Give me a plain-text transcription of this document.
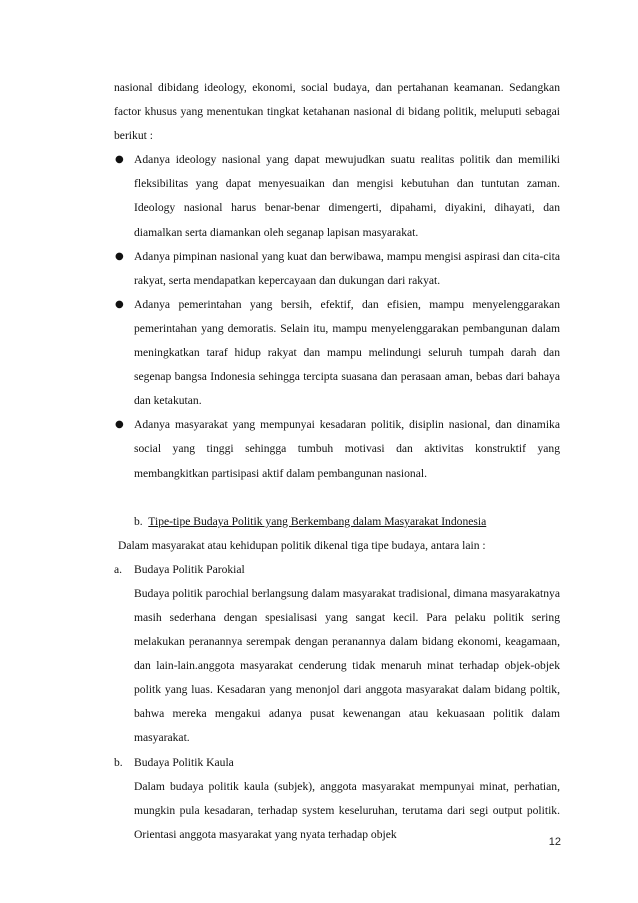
nasional dibidang ideology, ekonomi, social budaya, dan pertahanan keamanan. Sedangkan factor khusus yang menentukan tingkat ketahanan nasional di bidang politik, meluputi sebagai berikut :

● Adanya ideology nasional yang dapat mewujudkan suatu realitas politik dan memiliki fleksibilitas yang dapat menyesuaikan dan mengisi kebutuhan dan tuntutan zaman. Ideology nasional harus benar-benar dimengerti, dipahami, diyakini, dihayati, dan diamalkan serta diamankan oleh seganap lapisan masyarakat.
● Adanya pimpinan nasional yang kuat dan berwibawa, mampu mengisi aspirasi dan cita-cita rakyat, serta mendapatkan kepercayaan dan dukungan dari rakyat.
● Adanya pemerintahan yang bersih, efektif, dan efisien, mampu menyelenggarakan pemerintahan yang demoratis. Selain itu, mampu menyelenggarakan pembangunan dalam meningkatkan taraf hidup rakyat dan mampu melindungi seluruh tumpah darah dan segenap bangsa Indonesia sehingga tercipta suasana dan perasaan aman, bebas dari bahaya dan ketakutan.
● Adanya masyarakat yang mempunyai kesadaran politik, disiplin nasional, dan dinamika social yang tinggi sehingga tumbuh motivasi dan aktivitas konstruktif yang membangkitkan partisipasi aktif dalam pembangunan nasional.

b. Tipe-tipe Budaya Politik yang Berkembang dalam Masyarakat Indonesia

Dalam masyarakat atau kehidupan politik dikenal tiga tipe budaya, antara lain :

a. Budaya Politik Parokial

Budaya politik parochial berlangsung dalam masyarakat tradisional, dimana masyarakatnya masih sederhana dengan spesialisasi yang sangat kecil. Para pelaku politik sering melakukan peranannya serempak dengan peranannya dalam bidang ekonomi, keagamaan, dan lain-lain.anggota masyarakat cenderung tidak menaruh minat terhadap objek-objek politk yang luas. Kesadaran yang menonjol dari anggota masyarakat dalam bidang poltik, bahwa mereka mengakui adanya pusat kewenangan atau kekuasaan politik dalam masyarakat.

b. Budaya Politik Kaula

Dalam budaya politik kaula (subjek), anggota masyarakat mempunyai minat, perhatian, mungkin pula kesadaran, terhadap system keseluruhan, terutama dari segi output politik. Orientasi anggota masyarakat yang nyata terhadap objek

12
